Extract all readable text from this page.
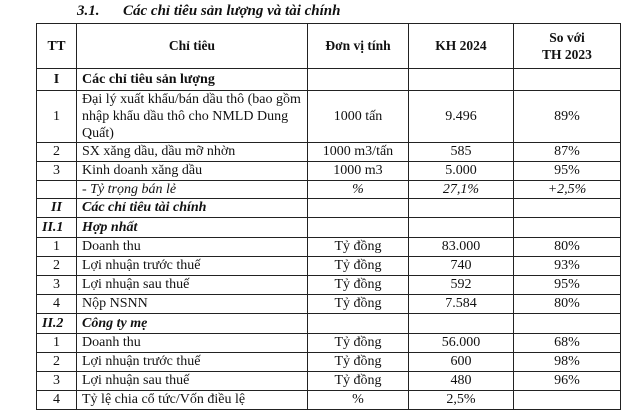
3.1. Các chỉ tiêu sản lượng và tài chính
TT	Chỉ tiêu	Đơn vị tính	KH 2024	So với
TH 2023
I	Các chỉ tiêu sản lượng			
1	Đại lý xuất khẩu/bán dầu thô (bao gồm nhập khẩu dầu thô cho NMLD Dung Quất)	1000 tấn	9.496	89%
2	SX xăng dầu, dầu mỡ nhờn	1000 m3/tấn	585	87%
3	Kinh doanh xăng dầu	1000 m3	5.000	95%
	- Tỷ trọng bán lẻ	%	27,1%	+2,5%
II	Các chỉ tiêu tài chính			
II.1	Hợp nhất			
1	Doanh thu	Tỷ đồng	83.000	80%
2	Lợi nhuận trước thuế	Tỷ đồng	740	93%
3	Lợi nhuận sau thuế	Tỷ đồng	592	95%
4	Nộp NSNN	Tỷ đồng	7.584	80%
II.2	Công ty mẹ			
1	Doanh thu	Tỷ đồng	56.000	68%
2	Lợi nhuận trước thuế	Tỷ đồng	600	98%
3	Lợi nhuận sau thuế	Tỷ đồng	480	96%
4	Tỷ lệ chia cổ tức/Vốn điều lệ	%	2,5%	
